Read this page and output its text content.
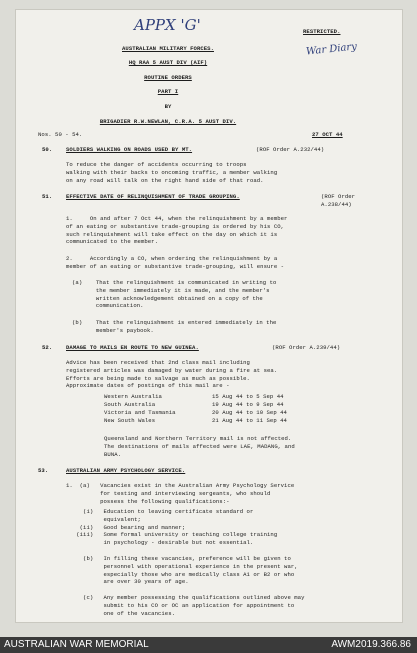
APPX 'G'
War Diary
RESTRICTED.
AUSTRALIAN MILITARY FORCES.
HQ RAA 5 AUST DIV (AIF)
ROUTINE ORDERS
PART I
BY
BRIGADIER R.W.NEWLAN, C.R.A. 5 AUST DIV.
Nos. 50 - 54.	27 OCT 44
50. SOLDIERS WALKING ON ROADS USED BY MT.	(ROF Order A.232/44)
To reduce the danger of accidents occurring to troops
walking with their backs to oncoming traffic, a member walking
on any road will talk on the right hand side of that road.
51. EFFECTIVE DATE OF RELINQUISHMENT OF TRADE GROUPING.	(ROF Order
A.238/44)
1.     On and after 7 Oct 44, when the relinquishment by a member
of an eating or substantive trade-grouping is ordered by his CO,
such relinquishment will take effect on the day on which it is
communicated to the member.
2.     Accordingly a CO, when ordering the relinquishment by a
member of an eating or substantive trade-grouping, will ensure -
(a)    That the relinquishment is communicated in writing to
the member immediately it is made, and the member's
written acknowledgement obtained on a copy of the
communication.
(b)    That the relinquishment is entered immediately in the
member's paybook.
52. DAMAGE TO MAILS EN ROUTE TO NEW GUINEA.	(ROF Order A.239/44)
Advice has been received that 2nd class mail including
registered articles was damaged by water during a fire at sea.
Efforts are being made to salvage as much as possible.
Approximate dates of postings of this mail are -
Western Australia	15 Aug 44 to 5 Sep 44
South Australia	19 Aug 44 to 9 Sep 44
Victoria and Tasmania	20 Aug 44 to 10 Sep 44
New South Wales	21 Aug 44 to 11 Sep 44
Queensland and Northern Territory mail is not affected.
The destinations of mails affected were LAE, MADANG, and
BUNA.
53.	AUSTRALIAN ARMY PSYCHOLOGY SERVICE.
1.  (a)   Vacancies exist in the Australian Army Psychology Service
for testing and interviewing sergeants, who should
possess the following qualifications:-
(i)   Education to leaving certificate standard or
equivalent;
(ii)   Good bearing and manner;
(iii)   Some formal university or teaching college training
in psychology - desirable but not essential.
(b)   In filling these vacancies, preference will be given to
personnel with operational experience in the present war,
especially those who are medically class A1 or B2 or who
are over 30 years of age.
(c)   Any member possessing the qualifications outlined above may
submit to his CO or OC an application for appointment to
one of the vacancies.
AUSTRALIAN WAR MEMORIAL	AWM2019.366.86
